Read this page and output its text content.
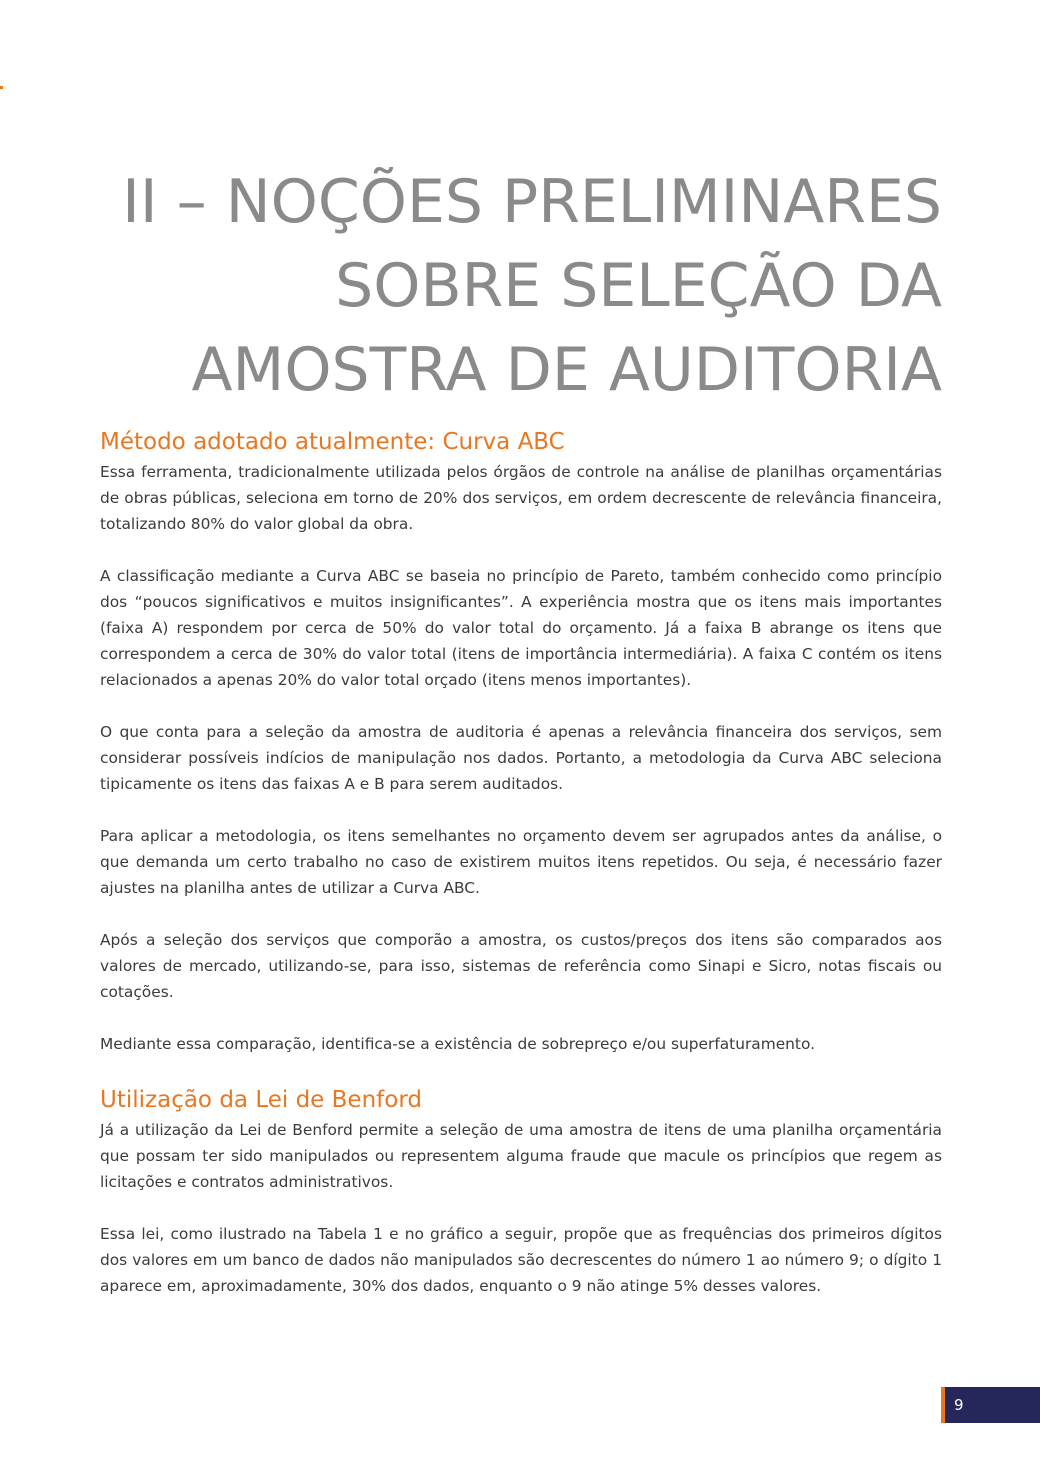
II – NOÇÕES PRELIMINARES
SOBRE SELEÇÃO DA
AMOSTRA DE AUDITORIA
Método adotado atualmente: Curva ABC

Essa ferramenta, tradicionalmente utilizada pelos órgãos de controle na análise de planilhas orçamentárias de obras públicas, seleciona em torno de 20% dos serviços, em ordem decrescente de relevância financeira, totalizando 80% do valor global da obra.

A classificação mediante a Curva ABC se baseia no princípio de Pareto, também conhecido como princípio dos “poucos significativos e muitos insignificantes”. A experiência mostra que os itens mais importantes (faixa A) respondem por cerca de 50% do valor total do orçamento. Já a faixa B abrange os itens que correspondem a cerca de 30% do valor total (itens de importância intermediária). A faixa C contém os itens relacionados a apenas 20% do valor total orçado (itens menos importantes).

O que conta para a seleção da amostra de auditoria é apenas a relevância financeira dos serviços, sem considerar possíveis indícios de manipulação nos dados. Portanto, a metodologia da Curva ABC seleciona tipicamente os itens das faixas A e B para serem auditados.

Para aplicar a metodologia, os itens semelhantes no orçamento devem ser agrupados antes da análise, o que demanda um certo trabalho no caso de existirem muitos itens repetidos. Ou seja, é necessário fazer ajustes na planilha antes de utilizar a Curva ABC.

Após a seleção dos serviços que comporão a amostra, os custos/preços dos itens são comparados aos valores de mercado, utilizando-se, para isso, sistemas de referência como Sinapi e Sicro, notas fiscais ou cotações.

Mediante essa comparação, identifica-se a existência de sobrepreço e/ou superfaturamento.

Utilização da Lei de Benford

Já a utilização da Lei de Benford permite a seleção de uma amostra de itens de uma planilha orçamentária que possam ter sido manipulados ou representem alguma fraude que macule os princípios que regem as licitações e contratos administrativos.

Essa lei, como ilustrado na Tabela 1 e no gráfico a seguir, propõe que as frequências dos primeiros dígitos dos valores em um banco de dados não manipulados são decrescentes do número 1 ao número 9; o dígito 1 aparece em, aproximadamente, 30% dos dados, enquanto o 9 não atinge 5% desses valores.

9
